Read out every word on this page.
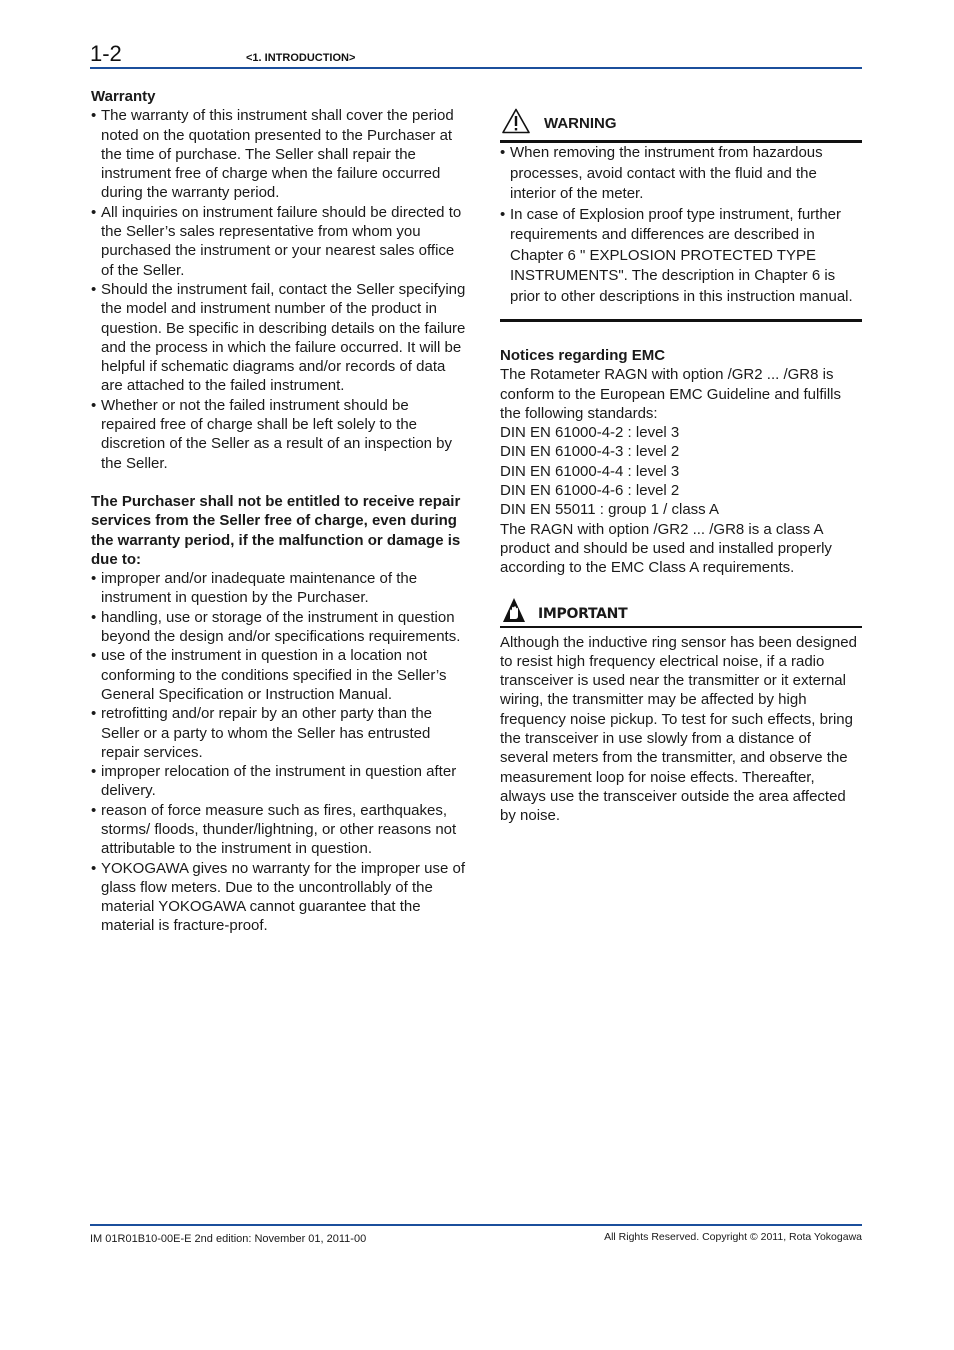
1-2	<1. INTRODUCTION>

Warranty

• The warranty of this instrument shall cover the period noted on the quotation presented to the Purchaser at the time of purchase. The Seller shall repair the instrument free of charge when the failure occurred during the warranty period.
• All inquiries on instrument failure should be directed to the Seller’s sales representative from whom you purchased the instrument or your nearest sales office of the Seller.
• Should the instrument fail, contact the Seller specifying the model and instrument number of the product in question. Be specific in describing details on the failure and the process in which the failure occurred. It will be helpful if schematic diagrams and/or records of data are attached to the failed instrument.
• Whether or not the failed instrument should be repaired free of charge shall be left solely to the discretion of the Seller as a result of an inspection by the Seller.

The Purchaser shall not be entitled to receive repair services from the Seller free of charge, even during the warranty period, if the malfunction or damage is due to:

• improper and/or inadequate maintenance of the instrument in question by the Purchaser.
• handling, use or storage of the instrument in question beyond the design and/or specifications requirements.
• use of the instrument in question in a location not conforming to the conditions specified in the Seller’s General Specification or Instruction Manual.
• retrofitting and/or repair by an other party than the Seller or a party to whom the Seller has entrusted repair services.
• improper relocation of the instrument in question after delivery.
• reason of force measure such as fires, earthquakes, storms/ floods, thunder/lightning, or other reasons not attributable to the instrument in question.
• YOKOGAWA gives no warranty for the improper use of glass flow meters. Due to the uncontrollably of the material YOKOGAWA cannot guarantee that the material is fracture-proof.
WARNING
• When removing the instrument from hazardous processes, avoid contact with the fluid and the interior of the meter.
• In case of Explosion proof type instrument, further requirements and differences are described in Chapter 6 " EXPLOSION PROTECTED TYPE INSTRUMENTS". The description in Chapter 6 is prior to other descriptions in this instruction manual.

Notices regarding EMC

The Rotameter RAGN with option /GR2 ... /GR8 is conform to the European EMC Guideline and fulfills the following standards:
DIN EN 61000-4-2 : level 3
DIN EN 61000-4-3 : level 2
DIN EN 61000-4-4 : level 3
DIN EN 61000-4-6 : level 2
DIN EN 55011 : group 1 / class A
The RAGN with option /GR2 ... /GR8 is a class A product and should be used and installed properly according to the EMC Class A requirements.
IMPORTANT
Although the inductive ring sensor has been designed to resist high frequency electrical noise, if a radio transceiver is used near the transmitter or it external wiring, the transmitter may be affected by high frequency noise pickup. To test for such effects, bring the transceiver in use slowly from a distance of several meters from the transmitter, and observe the measurement loop for noise effects. Thereafter, always use the transceiver outside the area affected by noise.
IM 01R01B10-00E-E 2nd edition: November 01, 2011-00	All Rights Reserved. Copyright © 2011, Rota Yokogawa
